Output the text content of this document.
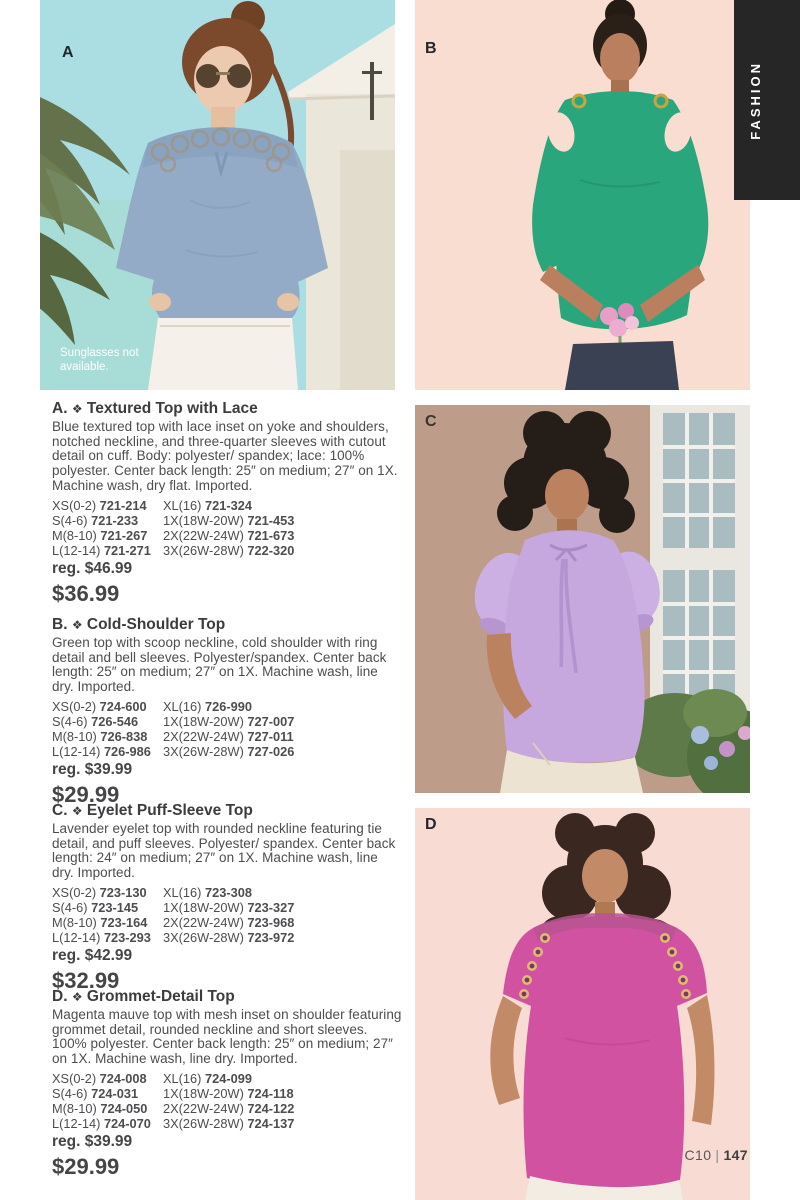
A
Sunglasses not
available.
B
C
D
FASHION
A. ❖ Textured Top with Lace

Blue textured top with lace inset on yoke and shoulders, notched neckline, and three-quarter sleeves with cutout detail on cuff. Body: polyester/ spandex; lace: 100% polyester. Center back length: 25″ on medium; 27″ on 1X. Machine wash, dry flat. Imported.

XS(0-2) 721-214	XL(16) 721-324
S(4-6) 721-233	1X(18W-20W) 721-453
M(8-10) 721-267	2X(22W-24W) 721-673
L(12-14) 721-271 3X(26W-28W) 722-320
reg. $46.99
$36.99
B. ❖ Cold-Shoulder Top

Green top with scoop neckline, cold shoulder with ring detail and bell sleeves. Polyester/spandex. Center back length: 25″ on medium; 27″ on 1X. Machine wash, line dry. Imported.

XS(0-2) 724-600	XL(16) 726-990
S(4-6) 726-546	1X(18W-20W) 727-007
M(8-10) 726-838	2X(22W-24W) 727-011
L(12-14) 726-986 3X(26W-28W) 727-026
reg. $39.99
$29.99
C. ❖ Eyelet Puff-Sleeve Top

Lavender eyelet top with rounded neckline featuring tie detail, and puff sleeves. Polyester/ spandex. Center back length: 24″ on medium; 27″ on 1X. Machine wash, line dry. Imported.

XS(0-2) 723-130	XL(16) 723-308
S(4-6) 723-145	1X(18W-20W) 723-327
M(8-10) 723-164	2X(22W-24W) 723-968
L(12-14) 723-293 3X(26W-28W) 723-972
reg. $42.99
$32.99
D. ❖ Grommet-Detail Top

Magenta mauve top with mesh inset on shoulder featuring grommet detail, rounded neckline and short sleeves. 100% polyester. Center back length: 25″ on medium; 27″ on 1X. Machine wash, line dry. Imported.

XS(0-2) 724-008	XL(16) 724-099
S(4-6) 724-031	1X(18W-20W) 724-118
M(8-10) 724-050	2X(22W-24W) 724-122
L(12-14) 724-070 3X(26W-28W) 724-137
reg. $39.99
$29.99	C10 | 147
